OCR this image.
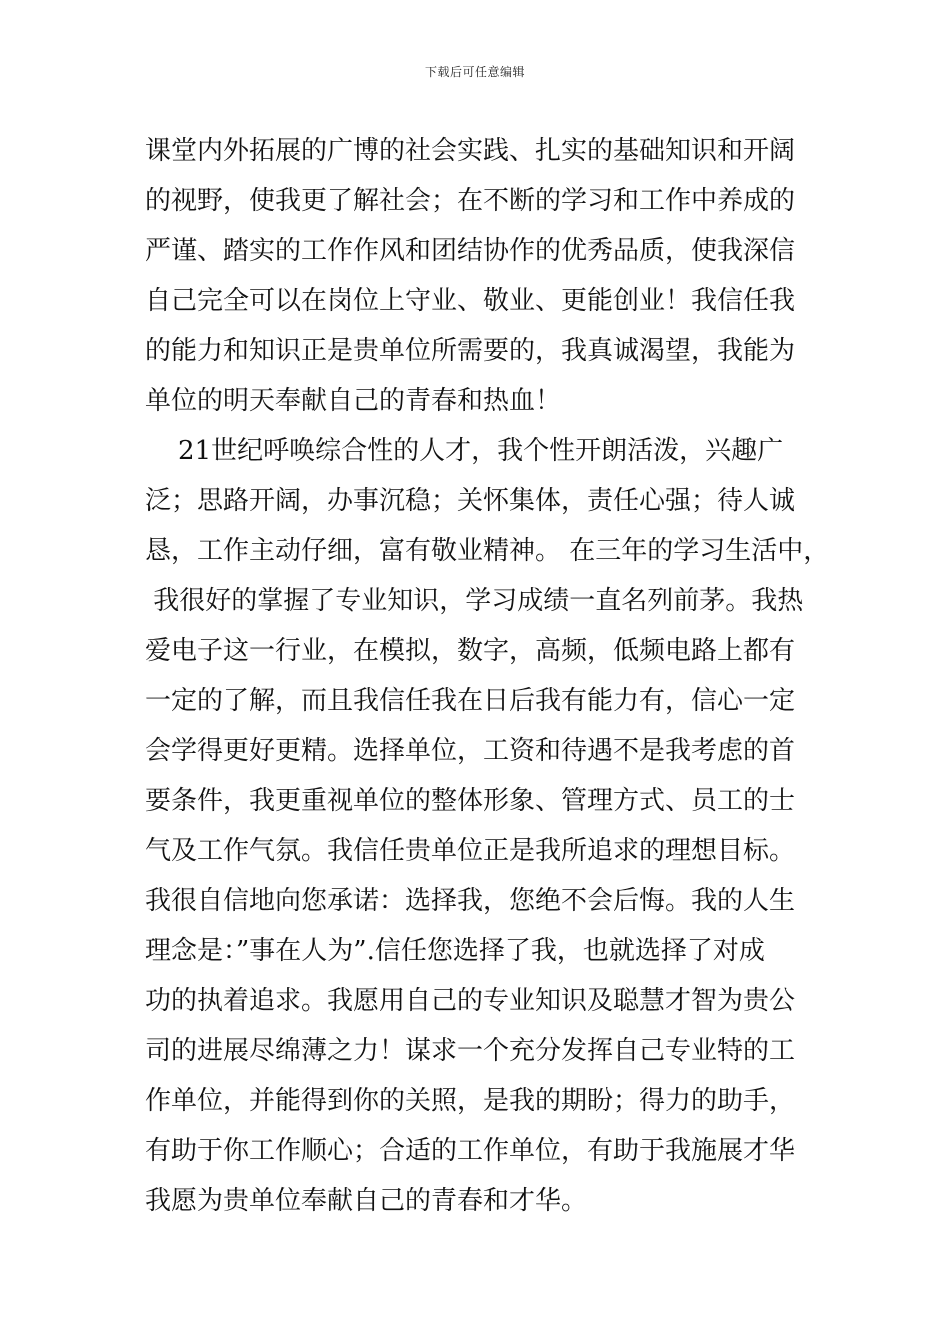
下载后可任意编辑
课堂内外拓展的广博的社会实践、扎实的基础知识和开阔
的视野，使我更了解社会；在不断的学习和工作中养成的
严谨、踏实的工作作风和团结协作的优秀品质，使我深信
自己完全可以在岗位上守业、敬业、更能创业！我信任我
的能力和知识正是贵单位所需要的，我真诚渴望，我能为
单位的明天奉献自己的青春和热血！
21世纪呼唤综合性的人才，我个性开朗活泼，兴趣广
泛；思路开阔，办事沉稳；关怀集体，责任心强；待人诚
恳，工作主动仔细，富有敬业精神。 在三年的学习生活中，
我很好的掌握了专业知识，学习成绩一直名列前茅。我热
爱电子这一行业，在模拟，数字，高频，低频电路上都有
一定的了解，而且我信任我在日后我有能力有，信心一定
会学得更好更精。选择单位，工资和待遇不是我考虑的首
要条件，我更重视单位的整体形象、管理方式、员工的士
气及工作气氛。我信任贵单位正是我所追求的理想目标。
我很自信地向您承诺：选择我，您绝不会后悔。我的人生
理念是：”事在人为”.信任您选择了我，也就选择了对成
功的执着追求。我愿用自己的专业知识及聪慧才智为贵公
司的进展尽绵薄之力！谋求一个充分发挥自己专业特的工
作单位，并能得到你的关照，是我的期盼；得力的助手，
有助于你工作顺心；合适的工作单位，有助于我施展才华
我愿为贵单位奉献自己的青春和才华。
